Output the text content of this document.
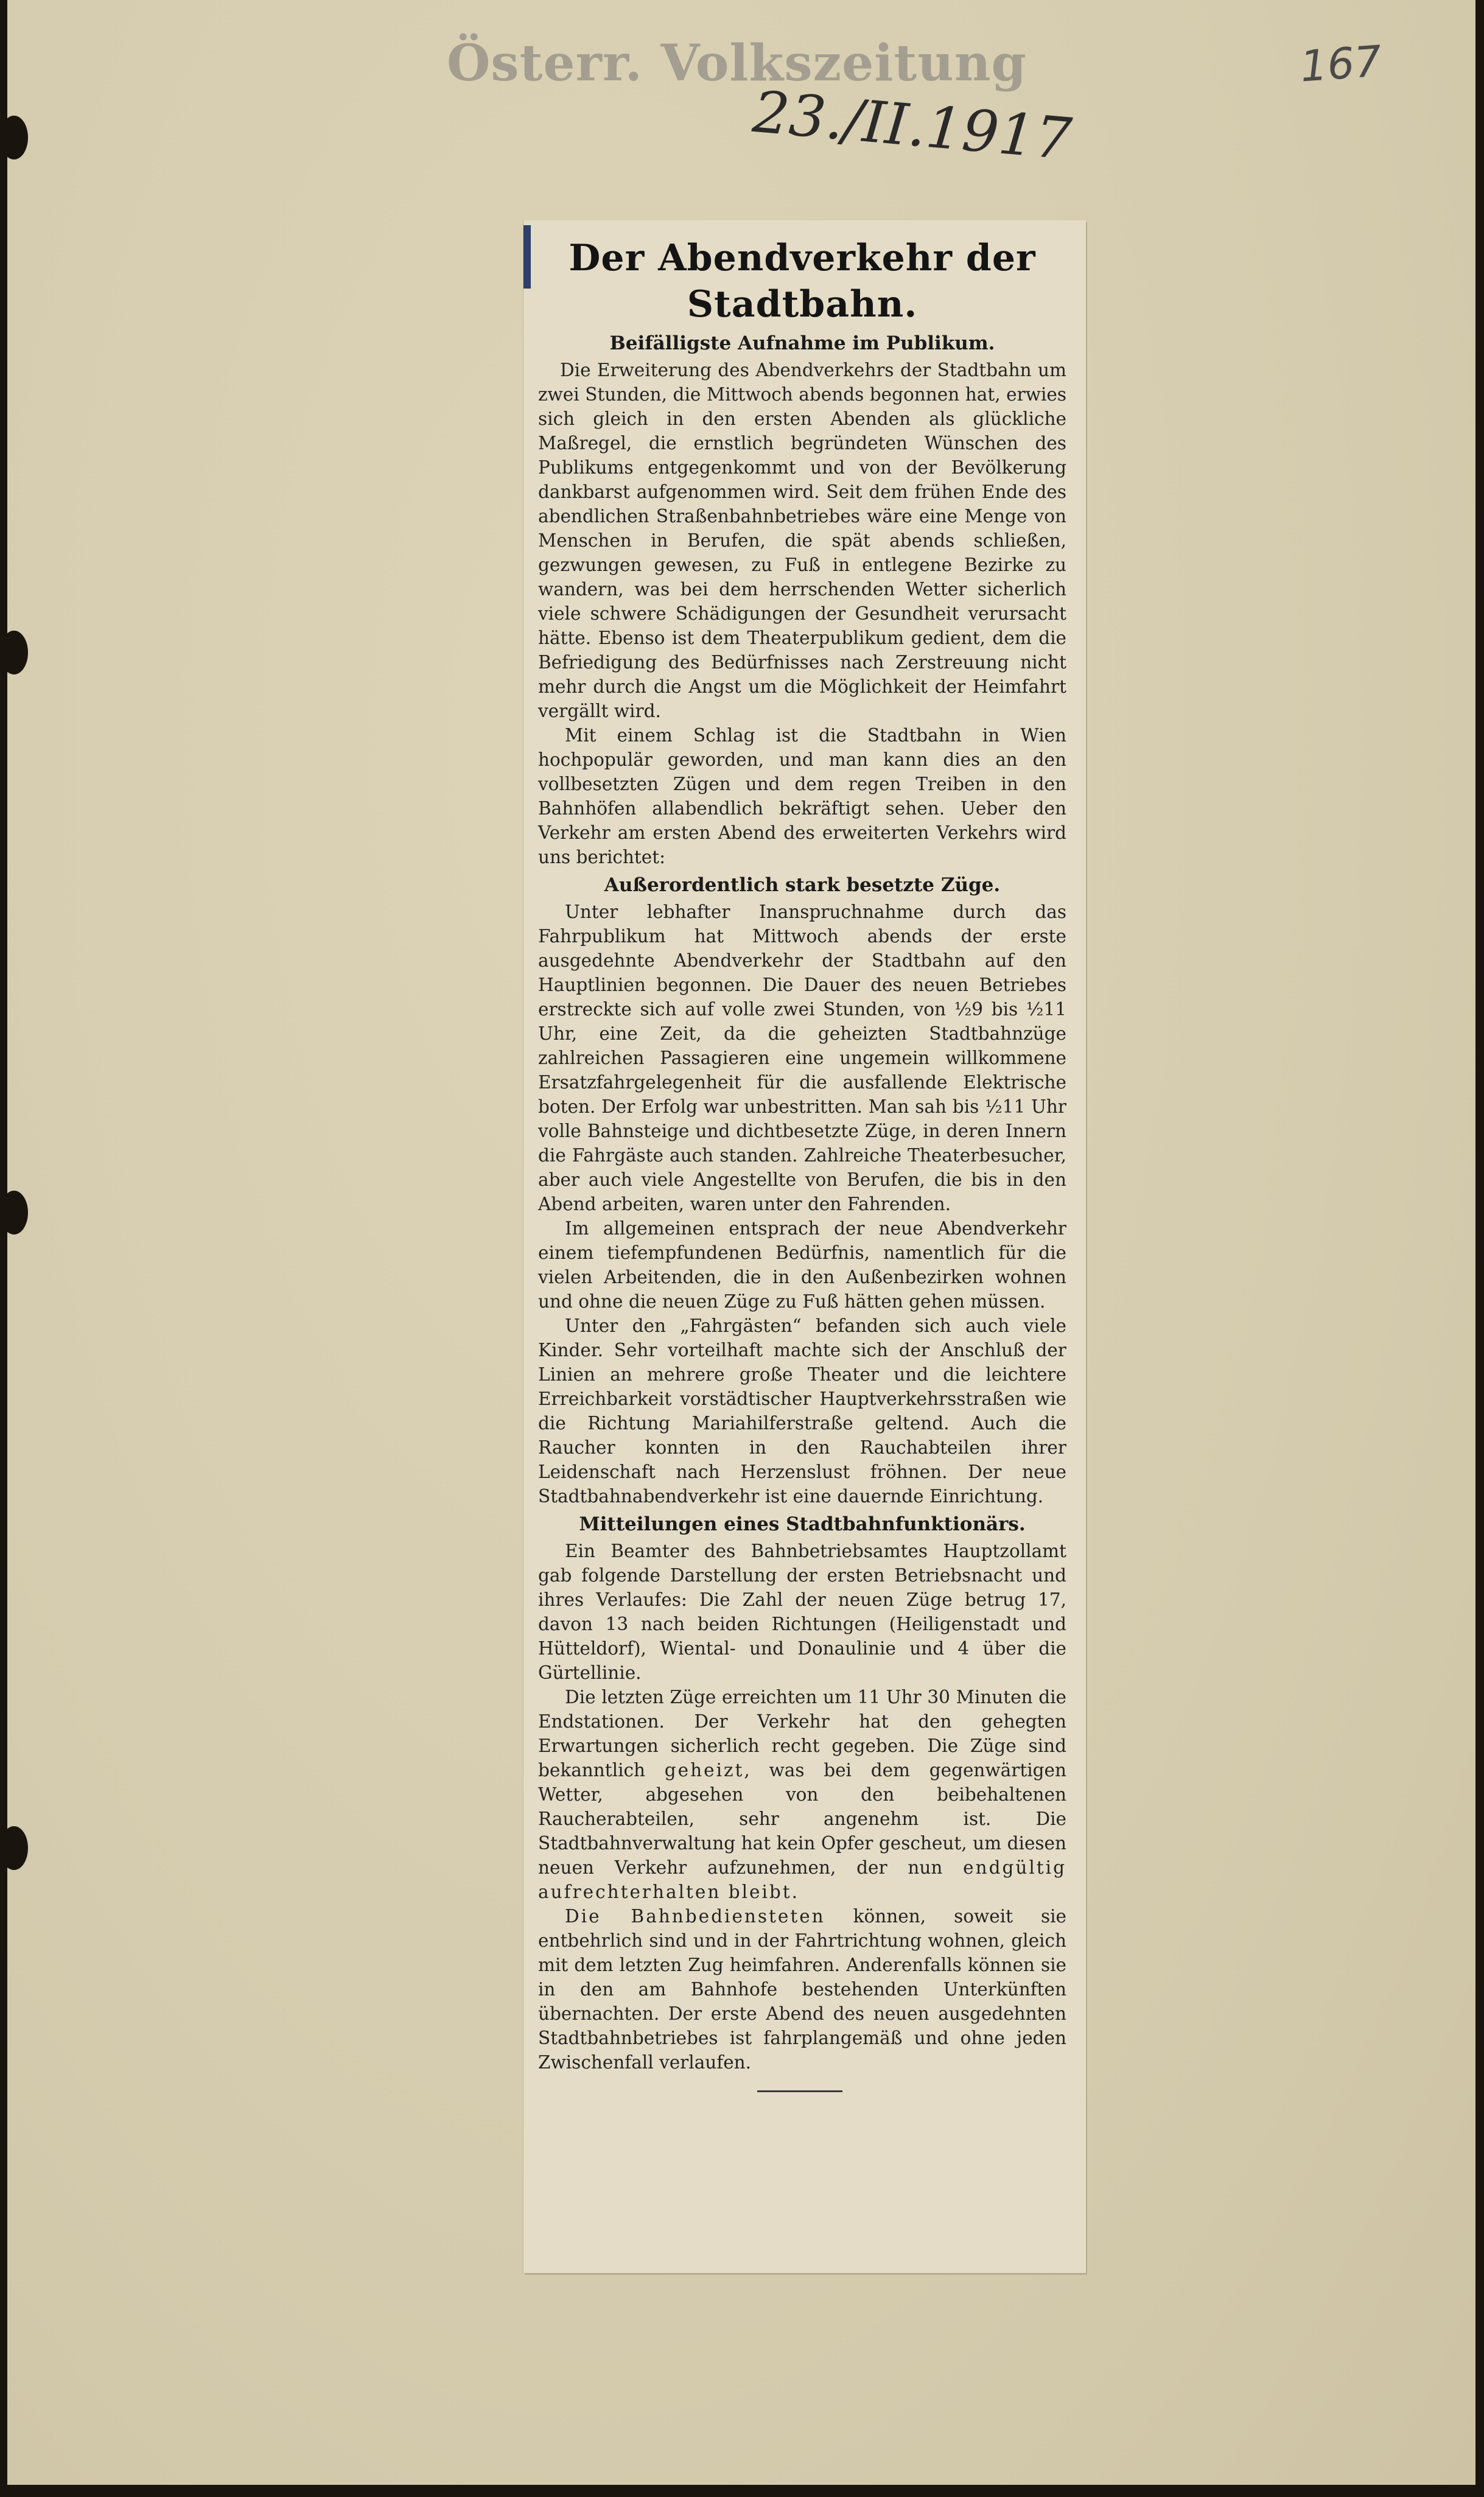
Österr. Volkszeitung
23./II.1917
167
Der Abendverkehr der Stadtbahn.
Beifälligste Aufnahme im Publikum.

Die Erweiterung des Abendverkehrs der Stadtbahn um zwei Stunden, die Mittwoch abends begonnen hat, erwies sich gleich in den ersten Abenden als glückliche Maßregel, die ernstlich begründeten Wünschen des Publikums entgegenkommt und von der Bevölkerung dankbarst aufgenommen wird. Seit dem frühen Ende des abendlichen Straßenbahnbetriebes wäre eine Menge von Menschen in Berufen, die spät abends schließen, gezwungen gewesen, zu Fuß in entlegene Bezirke zu wandern, was bei dem herrschenden Wetter sicherlich viele schwere Schädigungen der Gesundheit verursacht hätte. Ebenso ist dem Theaterpublikum gedient, dem die Befriedigung des Bedürfnisses nach Zerstreuung nicht mehr durch die Angst um die Möglichkeit der Heimfahrt vergällt wird.

Mit einem Schlag ist die Stadtbahn in Wien hochpopulär geworden, und man kann dies an den vollbesetzten Zügen und dem regen Treiben in den Bahnhöfen allabendlich bekräftigt sehen. Ueber den Verkehr am ersten Abend des erweiterten Verkehrs wird uns berichtet:

Außerordentlich stark besetzte Züge.

Unter lebhafter Inanspruchnahme durch das Fahrpublikum hat Mittwoch abends der erste ausgedehnte Abendverkehr der Stadtbahn auf den Hauptlinien begonnen. Die Dauer des neuen Betriebes erstreckte sich auf volle zwei Stunden, von ½9 bis ½11 Uhr, eine Zeit, da die geheizten Stadtbahnzüge zahlreichen Passagieren eine ungemein willkommene Ersatzfahrgelegenheit für die ausfallende Elektrische boten. Der Erfolg war unbestritten. Man sah bis ½11 Uhr volle Bahnsteige und dichtbesetzte Züge, in deren Innern die Fahrgäste auch standen. Zahlreiche Theaterbesucher, aber auch viele Angestellte von Berufen, die bis in den Abend arbeiten, waren unter den Fahrenden.

Im allgemeinen entsprach der neue Abendverkehr einem tiefempfundenen Bedürfnis, namentlich für die vielen Arbeitenden, die in den Außenbezirken wohnen und ohne die neuen Züge zu Fuß hätten gehen müssen.

Unter den „Fahrgästen“ befanden sich auch viele Kinder. Sehr vorteilhaft machte sich der Anschluß der Linien an mehrere große Theater und die leichtere Erreichbarkeit vorstädtischer Hauptverkehrsstraßen wie die Richtung Mariahilferstraße geltend. Auch die Raucher konnten in den Rauchabteilen ihrer Leidenschaft nach Herzenslust fröhnen. Der neue Stadtbahnabendverkehr ist eine dauernde Einrichtung.

Mitteilungen eines Stadtbahnfunktionärs.

Ein Beamter des Bahnbetriebsamtes Hauptzollamt gab folgende Darstellung der ersten Betriebsnacht und ihres Verlaufes: Die Zahl der neuen Züge betrug 17, davon 13 nach beiden Richtungen (Heiligenstadt und Hütteldorf), Wiental- und Donaulinie und 4 über die Gürtellinie.

Die letzten Züge erreichten um 11 Uhr 30 Minuten die Endstationen. Der Verkehr hat den gehegten Erwartungen sicherlich recht gegeben. Die Züge sind bekanntlich geheizt, was bei dem gegenwärtigen Wetter, abgesehen von den beibehaltenen Raucherabteilen, sehr angenehm ist. Die Stadtbahnverwaltung hat kein Opfer gescheut, um diesen neuen Verkehr aufzunehmen, der nun endgültig aufrechterhalten bleibt.

Die Bahnbediensteten können, soweit sie entbehrlich sind und in der Fahrtrichtung wohnen, gleich mit dem letzten Zug heimfahren. Anderenfalls können sie in den am Bahnhofe bestehenden Unterkünften übernachten. Der erste Abend des neuen ausgedehnten Stadtbahnbetriebes ist fahrplangemäß und ohne jeden Zwischenfall verlaufen.
